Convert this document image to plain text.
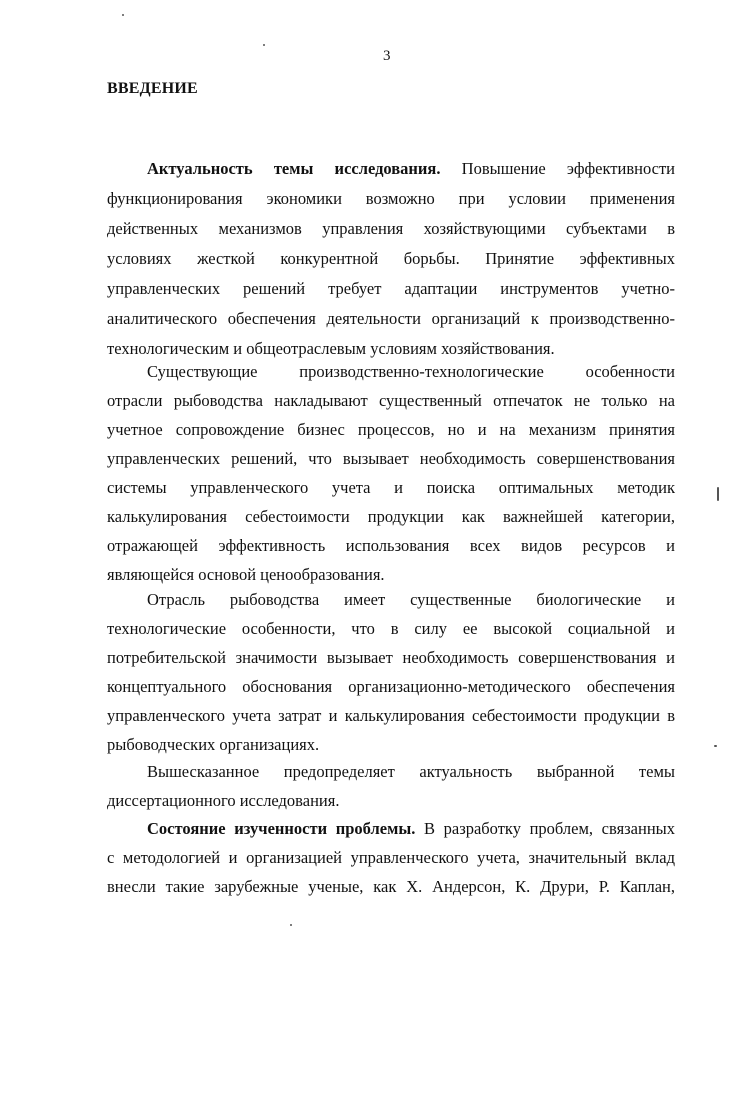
3
ВВЕДЕНИЕ
Актуальность темы исследования. Повышение эффективности
функционирования экономики возможно при условии применения
действенных механизмов управления хозяйствующими субъектами в
условиях жесткой конкурентной борьбы. Принятие эффективных
управленческих решений требует адаптации инструментов учетно-
аналитического обеспечения деятельности организаций к производственно-
технологическим и общеотраслевым условиям хозяйствования.
Существующие производственно-технологические особенности
отрасли рыбоводства накладывают существенный отпечаток не только на
учетное сопровождение бизнес процессов, но и на механизм принятия
управленческих решений, что вызывает необходимость совершенствования
системы управленческого учета и поиска оптимальных методик
калькулирования себестоимости продукции как важнейшей категории,
отражающей эффективность использования всех видов ресурсов и
являющейся основой ценообразования.
Отрасль рыбоводства имеет существенные биологические и
технологические особенности, что в силу ее высокой социальной и
потребительской значимости вызывает необходимость совершенствования и
концептуального обоснования организационно-методического обеспечения
управленческого учета затрат и калькулирования себестоимости продукции в
рыбоводческих организациях.
Вышесказанное предопределяет актуальность выбранной темы
диссертационного исследования.
Состояние изученности проблемы. В разработку проблем, связанных
с методологией и организацией управленческого учета, значительный вклад
внесли такие зарубежные ученые, как Х. Андерсон, К. Друри, Р. Каплан,
